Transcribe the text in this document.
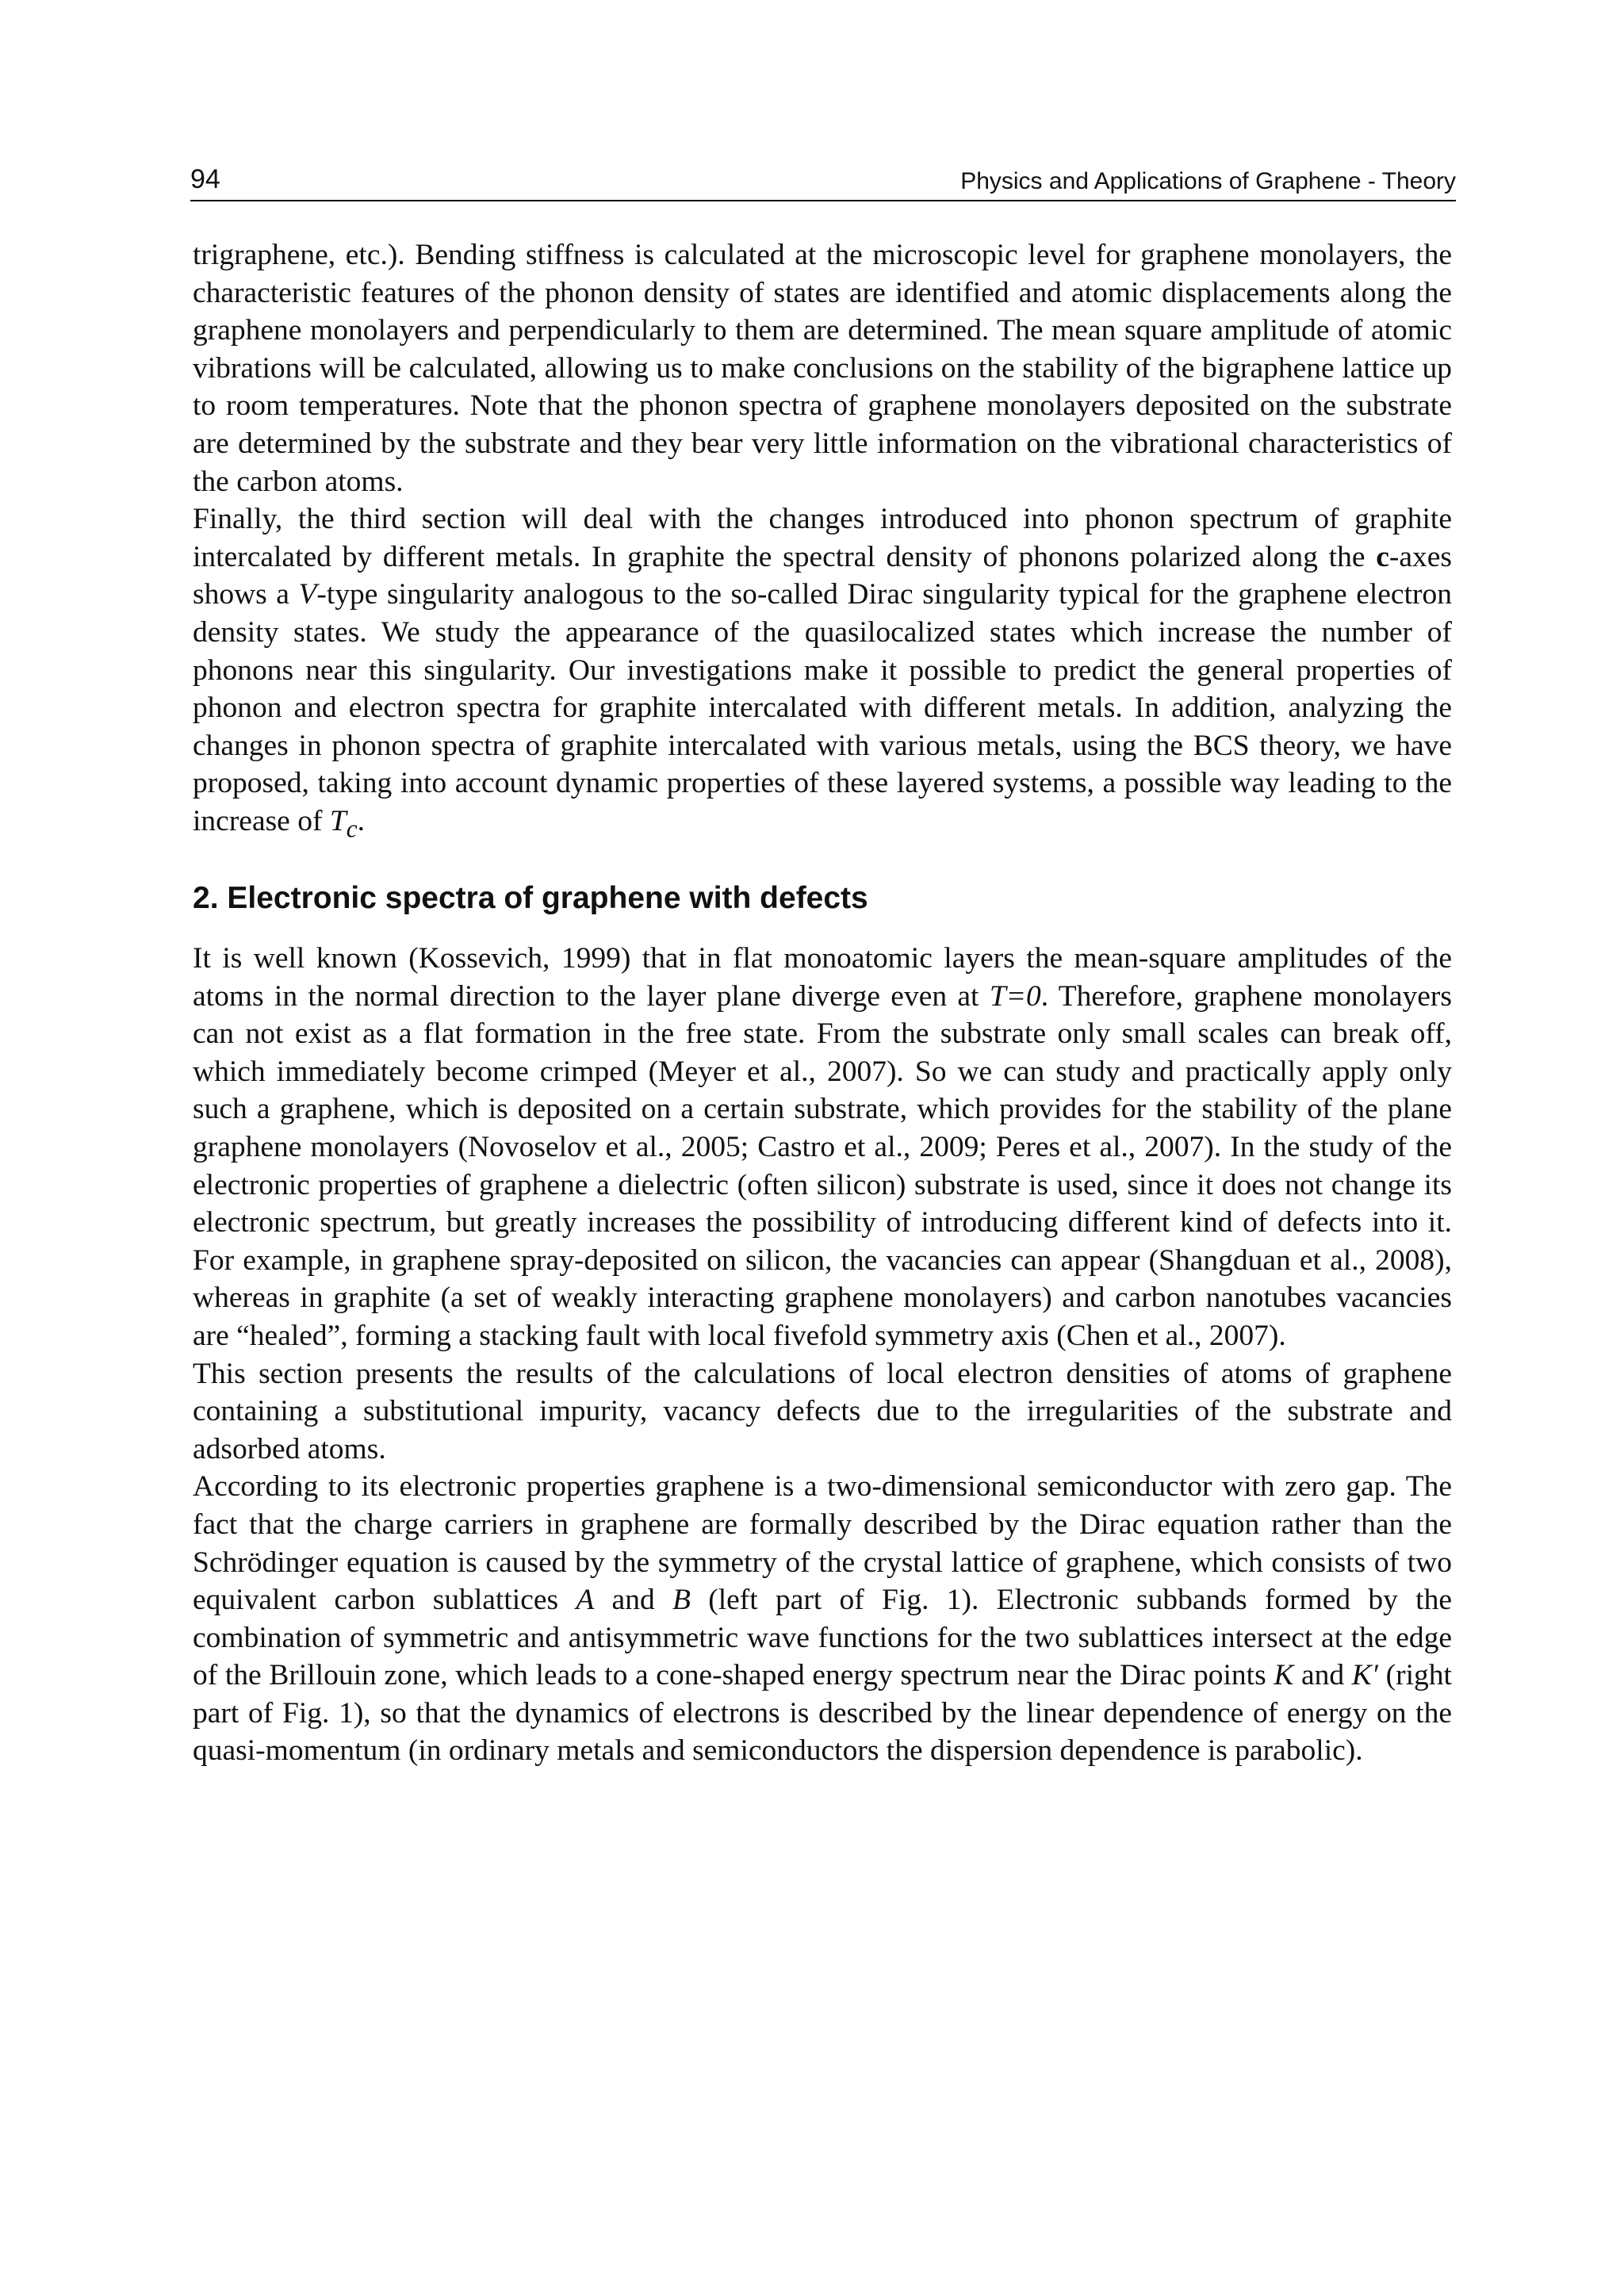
94	Physics and Applications of Graphene - Theory

trigraphene, etc.). Bending stiffness is calculated at the microscopic level for graphene monolayers, the characteristic features of the phonon density of states are identified and atomic displacements along the graphene monolayers and perpendicularly to them are determined. The mean square amplitude of atomic vibrations will be calculated, allowing us to make conclusions on the stability of the bigraphene lattice up to room temperatures. Note that the phonon spectra of graphene monolayers deposited on the substrate are determined by the substrate and they bear very little information on the vibrational characteristics of the carbon atoms.

Finally, the third section will deal with the changes introduced into phonon spectrum of graphite intercalated by different metals. In graphite the spectral density of phonons polarized along the c-axes shows a V-type singularity analogous to the so-called Dirac singularity typical for the graphene electron density states. We study the appearance of the quasilocalized states which increase the number of phonons near this singularity. Our investigations make it possible to predict the general properties of phonon and electron spectra for graphite intercalated with different metals. In addition, analyzing the changes in phonon spectra of graphite intercalated with various metals, using the BCS theory, we have proposed, taking into account dynamic properties of these layered systems, a possible way leading to the increase of $T_c$.

2. Electronic spectra of graphene with defects

It is well known (Kossevich, 1999) that in flat monoatomic layers the mean-square amplitudes of the atoms in the normal direction to the layer plane diverge even at T=0. Therefore, graphene monolayers can not exist as a flat formation in the free state. From the substrate only small scales can break off, which immediately become crimped (Meyer et al., 2007). So we can study and practically apply only such a graphene, which is deposited on a certain substrate, which provides for the stability of the plane graphene monolayers (Novoselov et al., 2005; Castro et al., 2009; Peres et al., 2007). In the study of the electronic properties of graphene a dielectric (often silicon) substrate is used, since it does not change its electronic spectrum, but greatly increases the possibility of introducing different kind of defects into it. For example, in graphene spray-deposited on silicon, the vacancies can appear (Shangduan et al., 2008), whereas in graphite (a set of weakly interacting graphene monolayers) and carbon nanotubes vacancies are “healed”, forming a stacking fault with local fivefold symmetry axis (Chen et al., 2007).

This section presents the results of the calculations of local electron densities of atoms of graphene containing a substitutional impurity, vacancy defects due to the irregularities of the substrate and adsorbed atoms.

According to its electronic properties graphene is a two-dimensional semiconductor with zero gap. The fact that the charge carriers in graphene are formally described by the Dirac equation rather than the Schrödinger equation is caused by the symmetry of the crystal lattice of graphene, which consists of two equivalent carbon sublattices A and B (left part of Fig. 1). Electronic subbands formed by the combination of symmetric and antisymmetric wave functions for the two sublattices intersect at the edge of the Brillouin zone, which leads to a cone-shaped energy spectrum near the Dirac points K and K′ (right part of Fig. 1), so that the dynamics of electrons is described by the linear dependence of energy on the quasi-momentum (in ordinary metals and semiconductors the dispersion dependence is parabolic).
